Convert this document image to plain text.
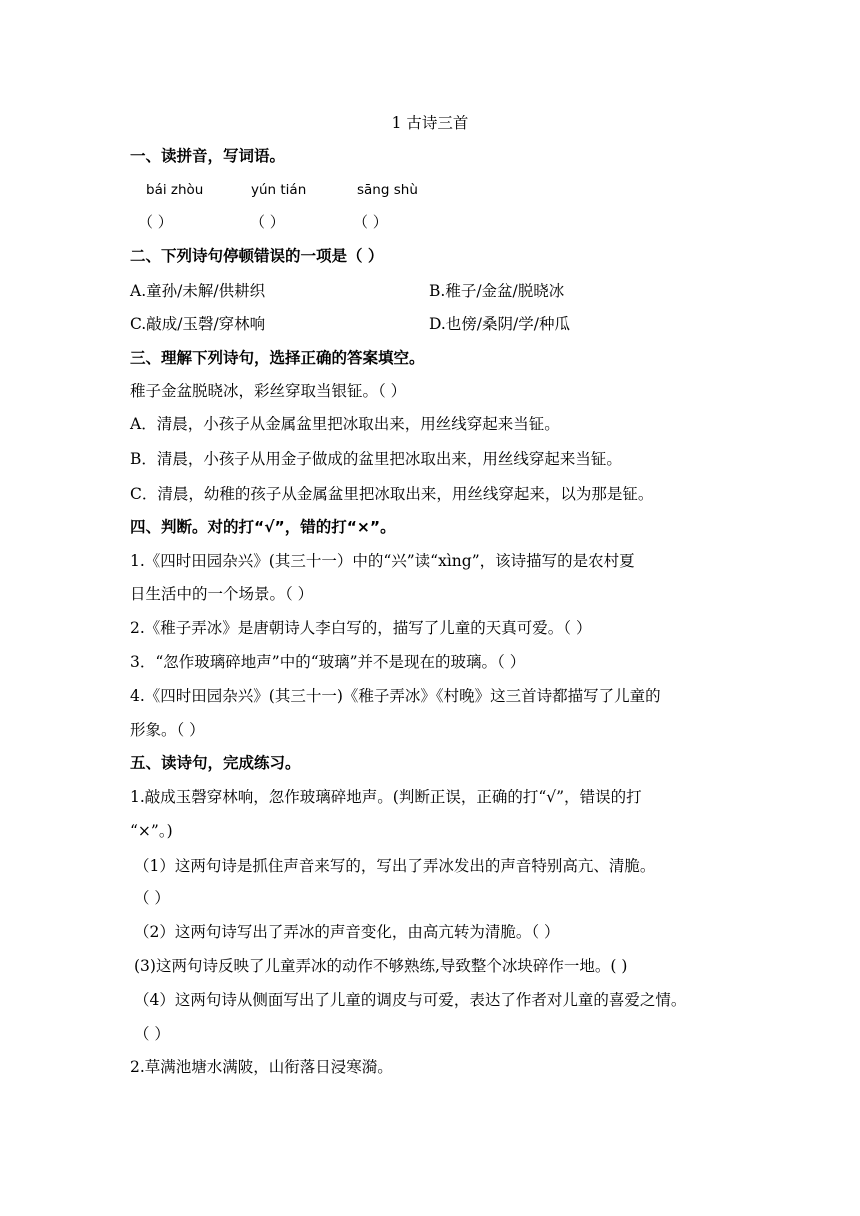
1 古诗三首
一、读拼音，写词语。
bái zhòu	yún tián	sāng shù
（ ）	（ ）	（ ）
二、下列诗句停顿错误的一项是（ ）
A.童孙/未解/供耕织	B.稚子/金盆/脱晓冰
C.敲成/玉磬/穿林响	D.也傍/桑阴/学/种瓜
三、理解下列诗句，选择正确的答案填空。
稚子金盆脱晓冰，彩丝穿取当银钲。（ ）
A．清晨，小孩子从金属盆里把冰取出来，用丝线穿起来当钲。
B．清晨，小孩子从用金子做成的盆里把冰取出来，用丝线穿起来当钲。
C．清晨，幼稚的孩子从金属盆里把冰取出来，用丝线穿起来，以为那是钲。
四、判断。对的打“√”，错的打“×”。
1.《四时田园杂兴》(其三十一）中的“兴”读“xìng”，该诗描写的是农村夏
日生活中的一个场景。（ ）
2.《稚子弄冰》是唐朝诗人李白写的，描写了儿童的天真可爱。（ ）
3．“忽作玻璃碎地声”中的“玻璃”并不是现在的玻璃。（ ）
4.《四时田园杂兴》(其三十一)《稚子弄冰》《村晚》这三首诗都描写了儿童的
形象。（ ）
五、读诗句，完成练习。
1.敲成玉磬穿林响，忽作玻璃碎地声。(判断正误，正确的打“√”，错误的打
“×”。)
（1）这两句诗是抓住声音来写的，写出了弄冰发出的声音特别高亢、清脆。
（ ）
（2）这两句诗写出了弄冰的声音变化，由高亢转为清脆。（ ）
(3)这两句诗反映了儿童弄冰的动作不够熟练,导致整个冰块碎作一地。( )
（4）这两句诗从侧面写出了儿童的调皮与可爱，表达了作者对儿童的喜爱之情。
（ ）
2.草满池塘水满陂，山衔落日浸寒漪。
